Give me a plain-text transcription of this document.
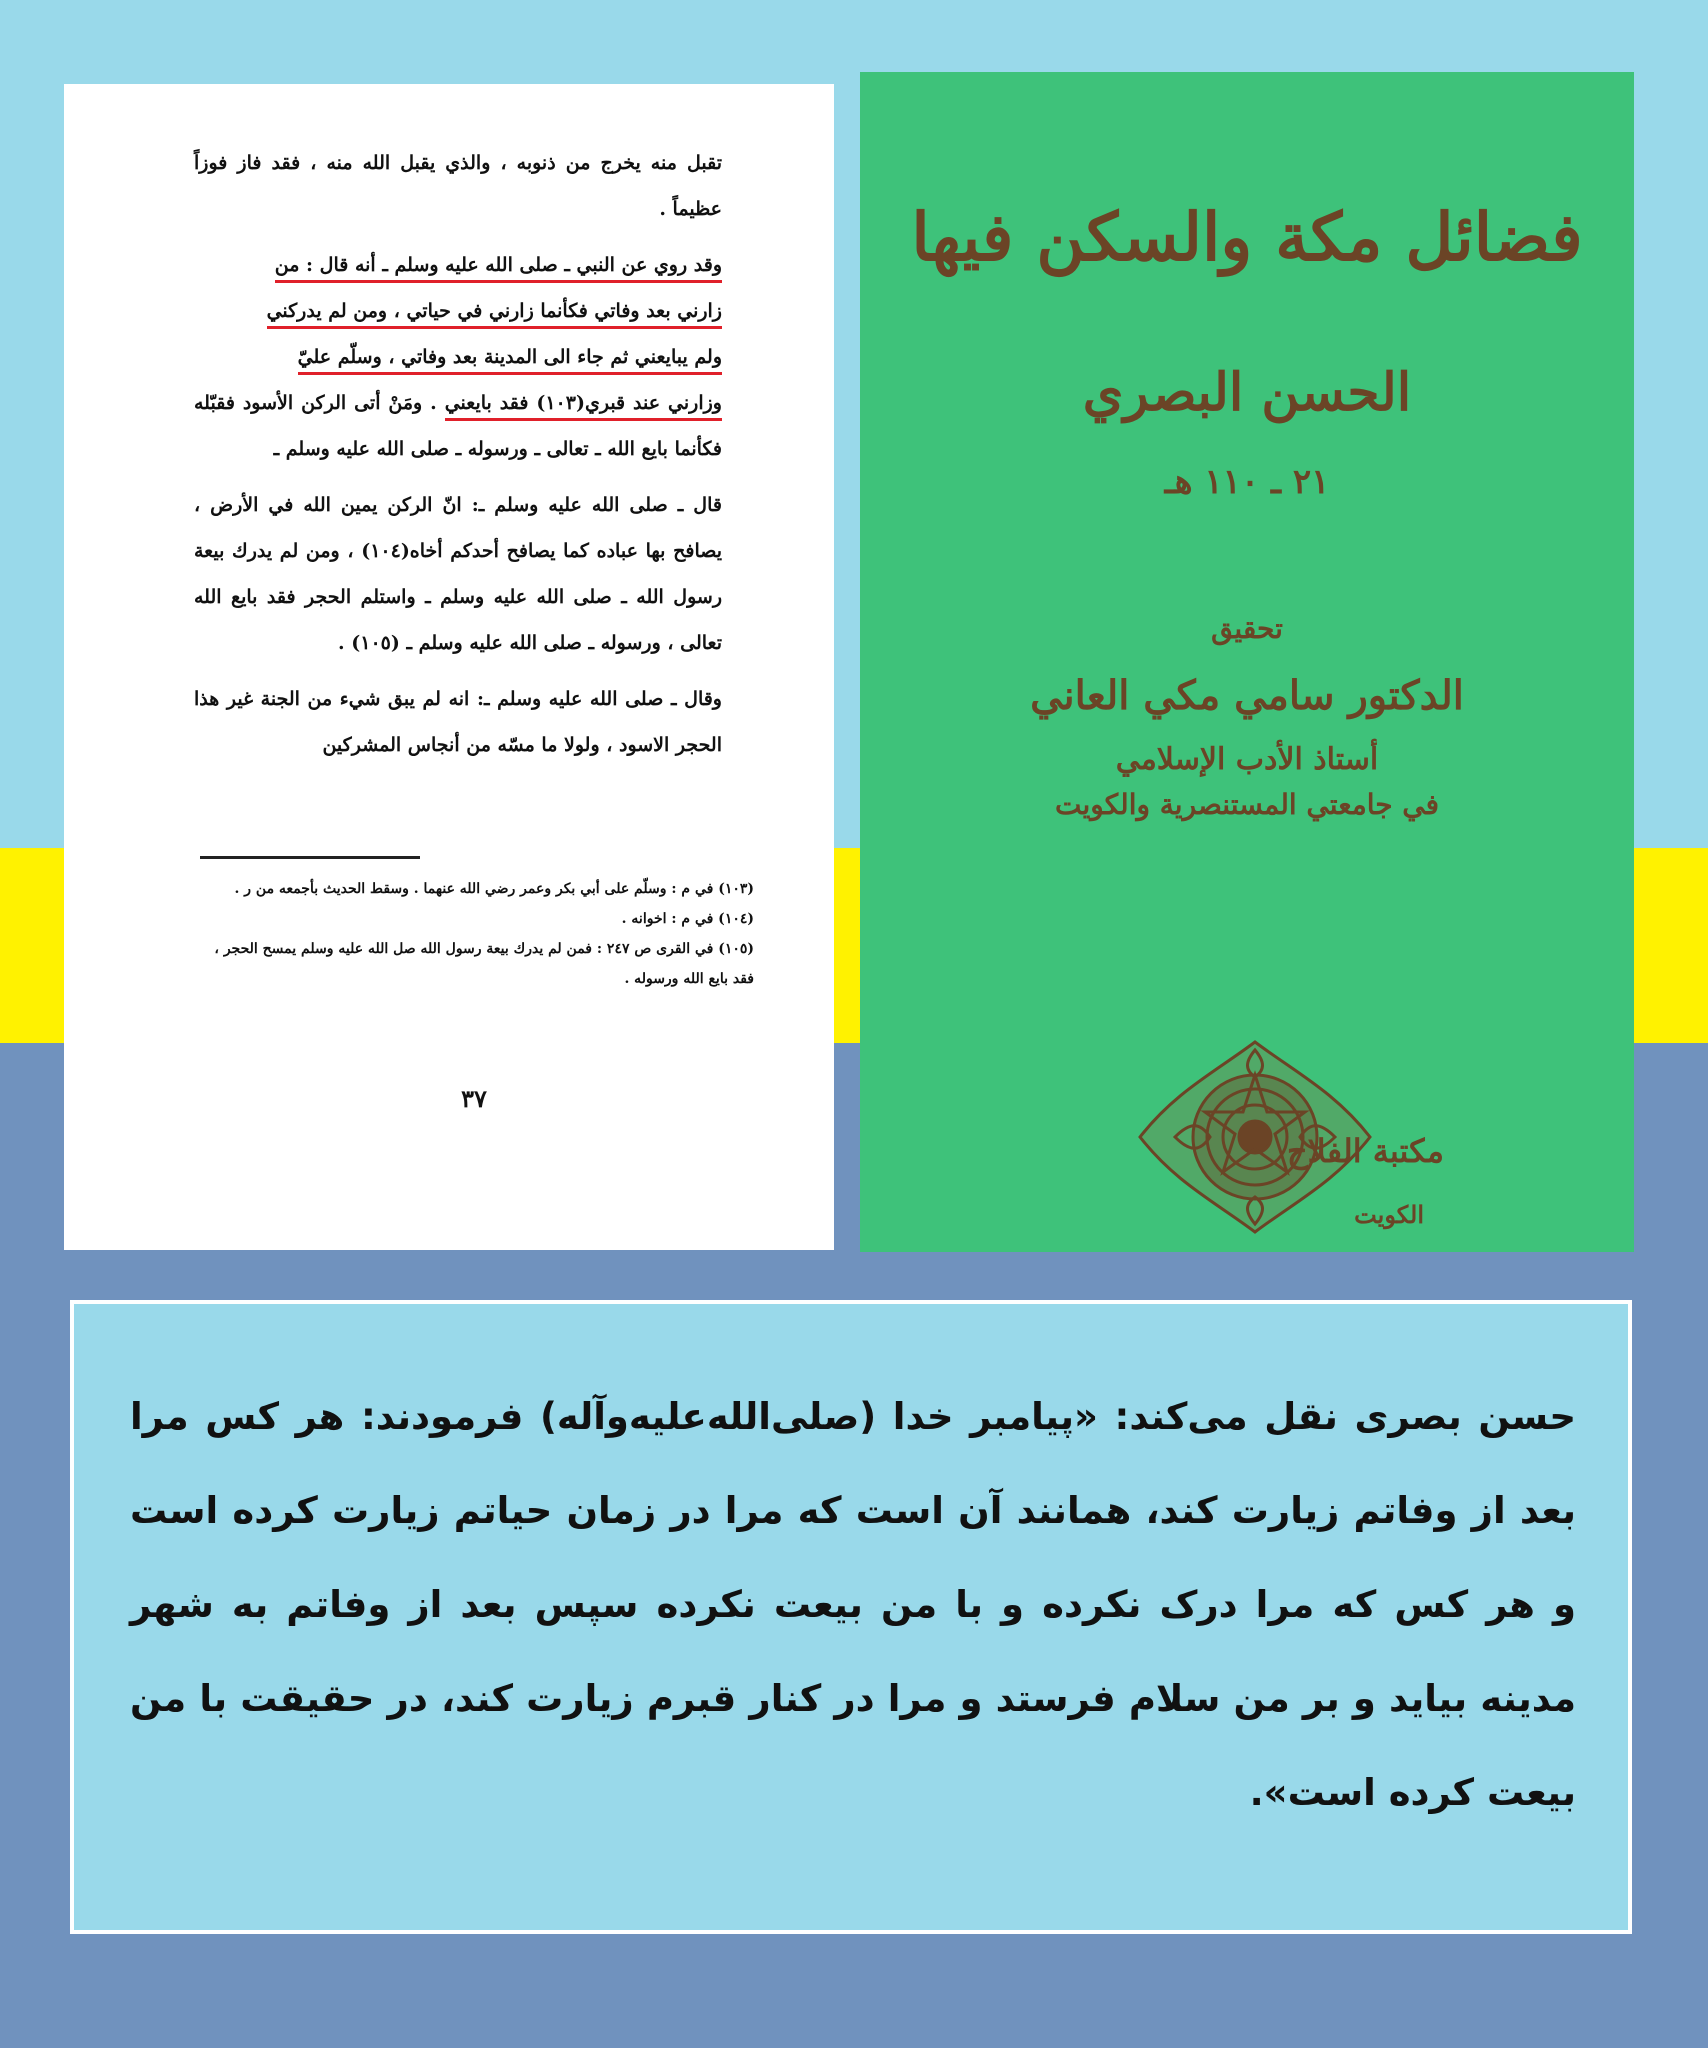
تقبل منه يخرج من ذنوبه ، والذي يقبل الله منه ، فقد فاز فوزاً عظيماً .

وقد روي عن النبي ـ صلى الله عليه وسلم ـ أنه قال : من
زارني بعد وفاتي فكأنما زارني في حياتي ، ومن لم يدركني
ولم يبايعني ثم جاء الى المدينة بعد وفاتي ، وسلّم عليّ
وزارني عند قبري(١٠٣) فقد بايعني . ومَنْ أتى الركن الأسود فقبّله فكأنما بايع الله ـ تعالى ـ ورسوله ـ صلى الله عليه وسلم ـ

قال ـ صلى الله عليه وسلم ـ: انّ الركن يمين الله في الأرض ، يصافح بها عباده كما يصافح أحدكم أخاه(١٠٤) ، ومن لم يدرك بيعة رسول الله ـ صلى الله عليه وسلم ـ واستلم الحجر فقد بايع الله تعالى ، ورسوله ـ صلى الله عليه وسلم ـ (١٠٥) .

وقال ـ صلى الله عليه وسلم ـ: انه لم يبق شيء من الجنة غير هذا الحجر الاسود ، ولولا ما مسّه من أنجاس المشركين

(١٠٣) في م : وسلّم على أبي بكر وعمر رضي الله عنهما . وسقط الحديث بأجمعه من ر .

(١٠٤) في م : اخوانه .

(١٠٥) في القرى ص ٢٤٧ : فمن لم يدرك بيعة رسول الله صل الله عليه وسلم يمسح الحجر ، فقد بايع الله ورسوله .

٣٧
فضائل مكة والسكن فيها
الحسن البصري
٢١ ـ ١١٠ هـ
تحقيق
الدكتور سامي مكي العاني
أستاذ الأدب الإسلامي
في جامعتي المستنصرية والكويت
مكتبة الفلاح
الكويت
حسن بصری نقل می‌کند: «پیامبر خدا (صلی‌الله‌علیه‌وآله) فرمودند: هر کس مرا بعد از وفاتم زیارت کند، همانند آن است که مرا در زمان حیاتم زیارت کرده است و هر کس که مرا درک نکرده و با من بیعت نکرده سپس بعد از وفاتم به شهر مدینه بیاید و بر من سلام فرستد و مرا در کنار قبرم زیارت کند، در حقیقت با من بیعت کرده است».
